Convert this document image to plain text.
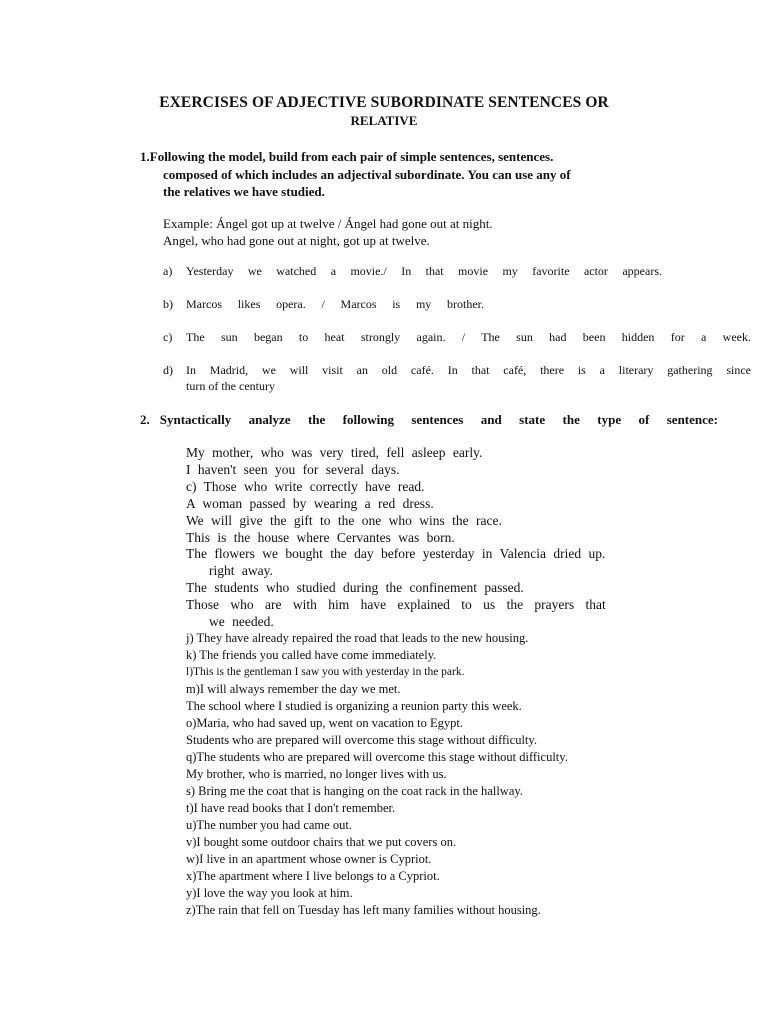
EXERCISES OF ADJECTIVE SUBORDINATE SENTENCES OR
RELATIVE
1.Following the model, build from each pair of simple sentences, sentences.
composed of which includes an adjectival subordinate. You can use any of
the relatives we have studied.
Example: Ángel got up at twelve / Ángel had gone out at night.
Angel, who had gone out at night, got up at twelve.
a) Yesterday we watched a movie./ In that movie my favorite actor appears.
b) Marcos likes opera. / Marcos is my brother.
c) The sun began to heat strongly again. / The sun had been hidden for a week.
d) In Madrid, we will visit an old café. In that café, there is a literary gathering since
turn of the century
2. Syntactically analyze the following sentences and state the type of sentence:
My mother, who was very tired, fell asleep early.
I haven't seen you for several days.
c) Those who write correctly have read.
A woman passed by wearing a red dress.
We will give the gift to the one who wins the race.
This is the house where Cervantes was born.
The flowers we bought the day before yesterday in Valencia dried up.
right away.
The students who studied during the confinement passed.
Those who are with him have explained to us the prayers that
we needed.
j) They have already repaired the road that leads to the new housing.
k) The friends you called have come immediately.
l)This is the gentleman I saw you with yesterday in the park.
m)I will always remember the day we met.
The school where I studied is organizing a reunion party this week.
o)Maria, who had saved up, went on vacation to Egypt.
Students who are prepared will overcome this stage without difficulty.
q)The students who are prepared will overcome this stage without difficulty.
My brother, who is married, no longer lives with us.
s) Bring me the coat that is hanging on the coat rack in the hallway.
t)I have read books that I don't remember.
u)The number you had came out.
v)I bought some outdoor chairs that we put covers on.
w)I live in an apartment whose owner is Cypriot.
x)The apartment where I live belongs to a Cypriot.
y)I love the way you look at him.
z)The rain that fell on Tuesday has left many families without housing.
